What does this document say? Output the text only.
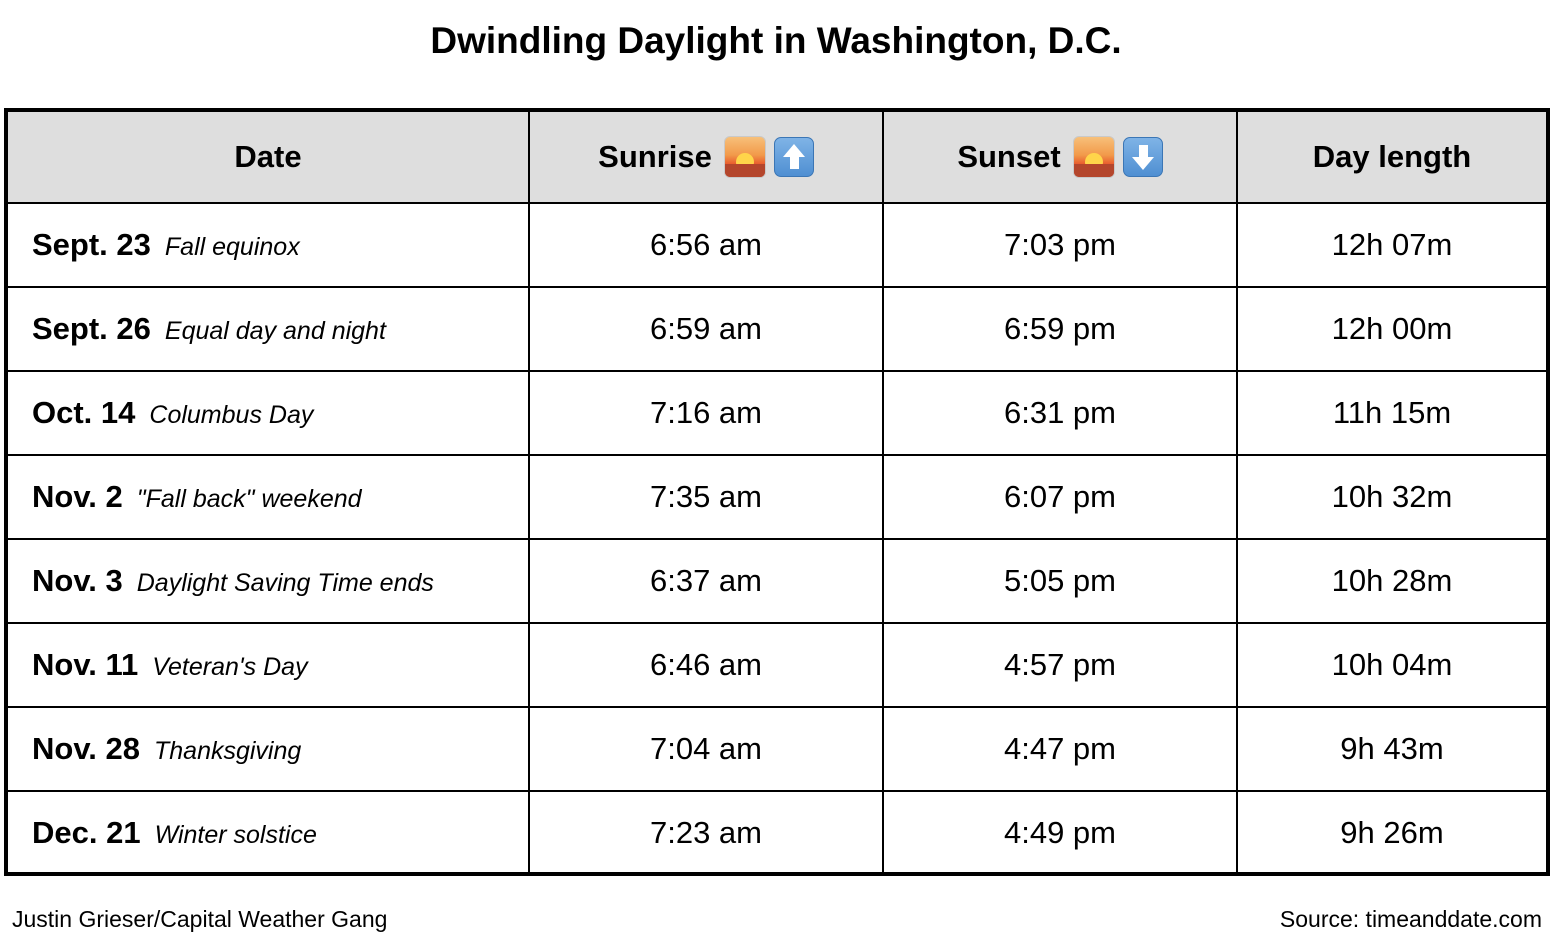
Dwindling Daylight in Washington, D.C.
Date	Sunrise	Sunset	Day length
Sept. 23 Fall equinox	6:56 am	7:03 pm	12h 07m
Sept. 26 Equal day and night	6:59 am	6:59 pm	12h 00m
Oct. 14 Columbus Day	7:16 am	6:31 pm	11h 15m
Nov. 2 "Fall back" weekend	7:35 am	6:07 pm	10h 32m
Nov. 3 Daylight Saving Time ends	6:37 am	5:05 pm	10h 28m
Nov. 11 Veteran's Day	6:46 am	4:57 pm	10h 04m
Nov. 28 Thanksgiving	7:04 am	4:47 pm	9h 43m
Dec. 21 Winter solstice	7:23 am	4:49 pm	9h 26m
Justin Grieser/Capital Weather Gang	Source: timeanddate.com
